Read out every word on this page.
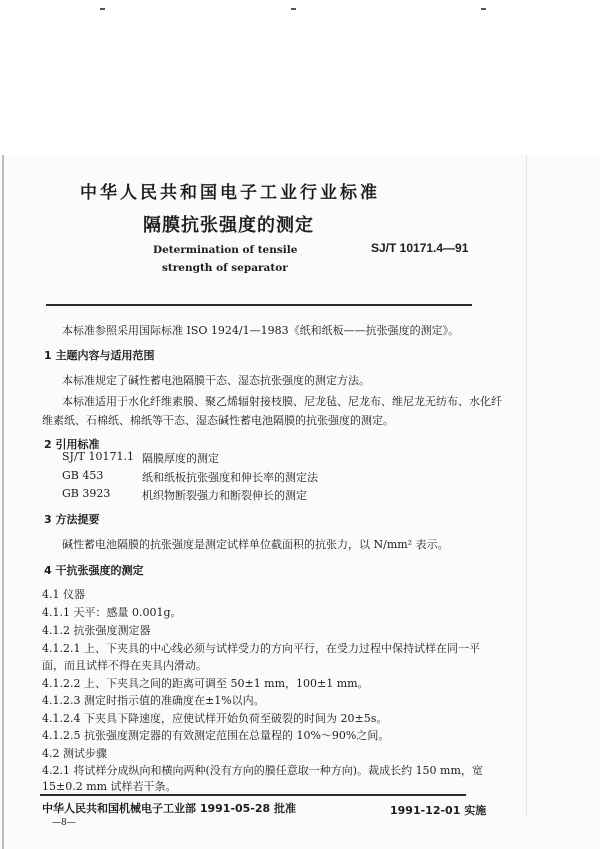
中华人民共和国电子工业行业标准
隔膜抗张强度的测定
Determination of tensile
strength of separator
SJ/T 10171.4—91
本标准参照采用国际标准 ISO 1924/1—1983《纸和纸板——抗张强度的测定》。
1 主题内容与适用范围
本标准规定了碱性蓄电池隔膜干态、湿态抗张强度的测定方法。
本标准适用于水化纤维素膜、聚乙烯辐射接枝膜、尼龙毡、尼龙布、维尼龙无纺布、水化纤
维素纸、石棉纸、棉纸等干态、湿态碱性蓄电池隔膜的抗张强度的测定。
2 引用标准
SJ/T 10171.1 隔膜厚度的测定
GB 453	纸和纸板抗张强度和伸长率的测定法
GB 3923	机织物断裂强力和断裂伸长的测定
3 方法提要
碱性蓄电池隔膜的抗张强度是测定试样单位截面积的抗张力，以 N/mm² 表示。
4 干抗张强度的测定
4.1 仪器
4.1.1 天平：感量 0.001g。
4.1.2 抗张强度测定器
4.1.2.1 上、下夹具的中心线必须与试样受力的方向平行，在受力过程中保持试样在同一平
面，而且试样不得在夹具内滑动。
4.1.2.2 上、下夹具之间的距离可调至 50±1 mm，100±1 mm。
4.1.2.3 测定时指示值的准确度在±1%以内。
4.1.2.4 下夹具下降速度，应使试样开始负荷至破裂的时间为 20±5s。
4.1.2.5 抗张强度测定器的有效测定范围在总量程的 10%～90%之间。
4.2 测试步骤
4.2.1 将试样分成纵向和横向两种(没有方向的膜任意取一种方向)。裁成长约 150 mm，宽
15±0.2 mm 试样若干条。
中华人民共和国机械电子工业部 1991-05-28 批准	1991-12-01 实施
—8—
